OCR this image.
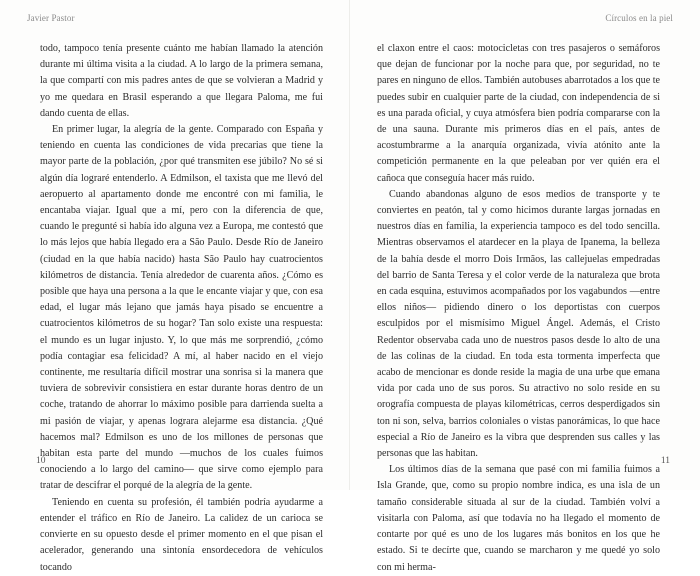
Javier Pastor

todo, tampoco tenía presente cuánto me habían llamado la atención durante mi última visita a la ciudad. A lo largo de la primera semana, la que compartí con mis padres antes de que se volvieran a Madrid y yo me quedara en Brasil esperando a que llegara Paloma, me fui dando cuenta de ellas.

En primer lugar, la alegría de la gente. Comparado con España y teniendo en cuenta las condiciones de vida precarias que tiene la mayor parte de la población, ¿por qué transmiten ese júbilo? No sé si algún día lograré entenderlo. A Edmilson, el taxista que me llevó del aeropuerto al apartamento donde me encontré con mi familia, le encantaba viajar. Igual que a mí, pero con la diferencia de que, cuando le pregunté si había ido alguna vez a Europa, me contestó que lo más lejos que había llegado era a São Paulo. Desde Río de Janeiro (ciudad en la que había nacido) hasta São Paulo hay cuatrocientos kilómetros de distancia. Tenía alrededor de cuarenta años. ¿Cómo es posible que haya una persona a la que le encante viajar y que, con esa edad, el lugar más lejano que jamás haya pisado se encuentre a cuatrocientos kilómetros de su hogar? Tan solo existe una respuesta: el mundo es un lugar injusto. Y, lo que más me sorprendió, ¿cómo podía contagiar esa felicidad? A mí, al haber nacido en el viejo continente, me resultaría difícil mostrar una sonrisa si la manera que tuviera de sobrevivir consistiera en estar durante horas dentro de un coche, tratando de ahorrar lo máximo posible para darrienda suelta a mi pasión de viajar, y apenas lograra alejarme esa distancia. ¿Qué hacemos mal? Edmilson es uno de los millones de personas que habitan esta parte del mundo —muchos de los cuales fuimos conociendo a lo largo del camino— que sirve como ejemplo para tratar de descifrar el porqué de la alegría de la gente.

Teniendo en cuenta su profesión, él también podría ayudarme a entender el tráfico en Río de Janeiro. La calidez de un carioca se convierte en su opuesto desde el primer momento en el que pisan el acelerador, generando una sintonía ensordecedora de vehículos tocando

10
Círculos en la piel

el claxon entre el caos: motocicletas con tres pasajeros o semáforos que dejan de funcionar por la noche para que, por seguridad, no te pares en ninguno de ellos. También autobuses abarrotados a los que te puedes subir en cualquier parte de la ciudad, con independencia de si es una parada oficial, y cuya atmósfera bien podría compararse con la de una sauna. Durante mis primeros días en el país, antes de acostumbrarme a la anarquía organizada, vivía atónito ante la competición permanente en la que peleaban por ver quién era el cañoca que conseguía hacer más ruido.

Cuando abandonas alguno de esos medios de transporte y te conviertes en peatón, tal y como hicimos durante largas jornadas en nuestros días en familia, la experiencia tampoco es del todo sencilla. Mientras observamos el atardecer en la playa de Ipanema, la belleza de la bahía desde el morro Dois Irmãos, las callejuelas empedradas del barrio de Santa Teresa y el color verde de la naturaleza que brota en cada esquina, estuvimos acompañados por los vagabundos —entre ellos niños— pidiendo dinero o los deportistas con cuerpos esculpidos por el mismísimo Miguel Ángel. Además, el Cristo Redentor observaba cada uno de nuestros pasos desde lo alto de una de las colinas de la ciudad. En toda esta tormenta imperfecta que acabo de mencionar es donde reside la magia de una urbe que emana vida por cada uno de sus poros. Su atractivo no solo reside en su orografía compuesta de playas kilométricas, cerros desperdigados sin ton ni son, selva, barrios coloniales o vistas panorámicas, lo que hace especial a Río de Janeiro es la vibra que desprenden sus calles y las personas que las habitan.

Los últimos días de la semana que pasé con mi familia fuimos a Isla Grande, que, como su propio nombre indica, es una isla de un tamaño considerable situada al sur de la ciudad. También volví a visitarla con Paloma, así que todavía no ha llegado el momento de contarte por qué es uno de los lugares más bonitos en los que he estado. Si te decírte que, cuando se marcharon y me quedé yo solo con mi herma-

11
